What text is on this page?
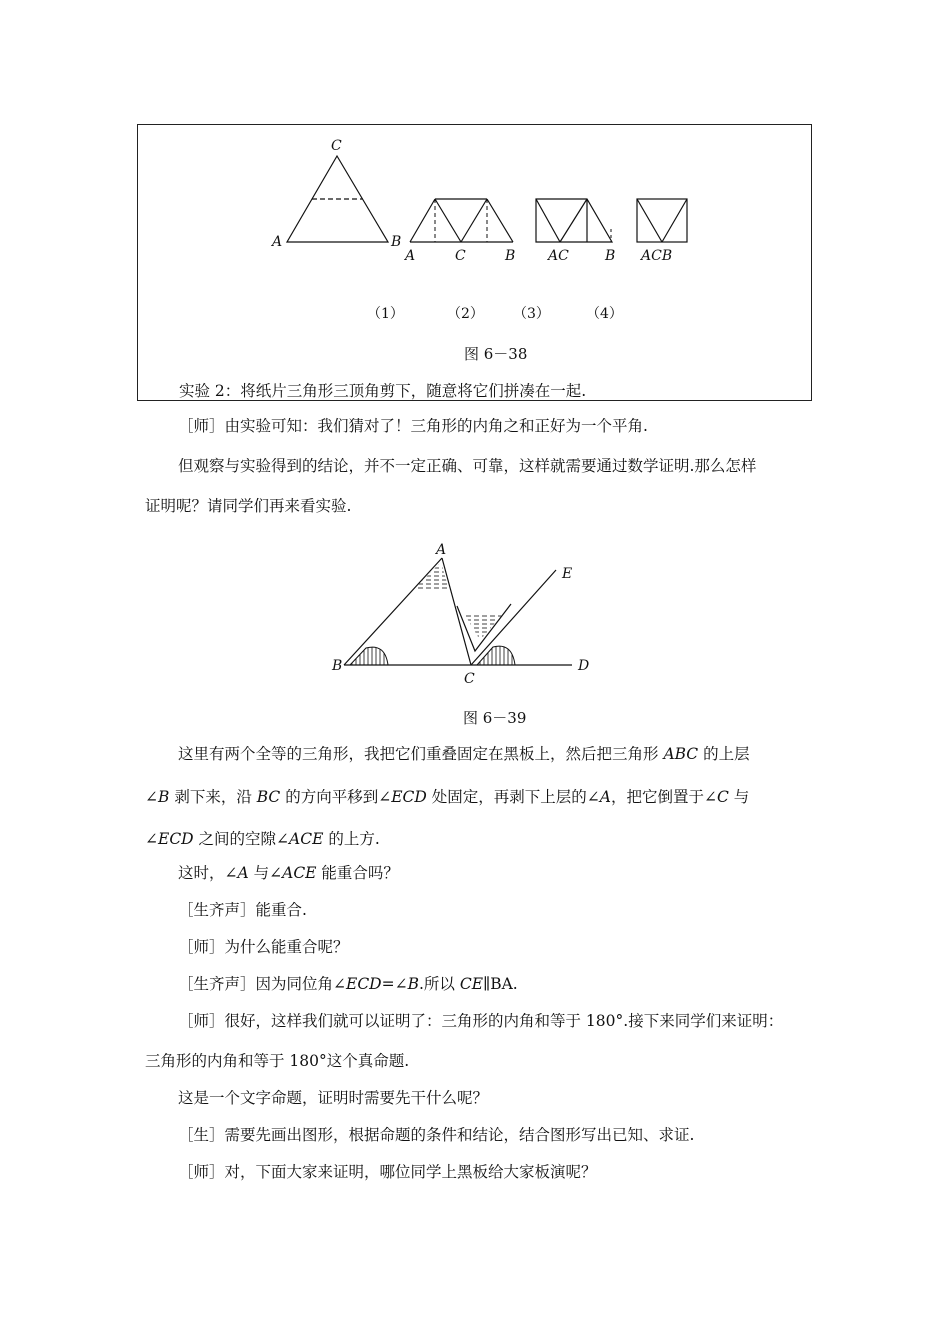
C
A	B
A	C	B AC	B ACB
（1）	（2） （3）	（4）
图 6－38
实验 2：将纸片三角形三顶角剪下，随意将它们拼凑在一起.
［师］由实验可知：我们猜对了！三角形的内角之和正好为一个平角.
但观察与实验得到的结论，并不一定正确、可靠，这样就需要通过数学证明.那么怎样
证明呢？请同学们再来看实验.
A
E
B
C
D
图 6－39
这里有两个全等的三角形，我把它们重叠固定在黑板上，然后把三角形 ABC 的上层
∠B 剥下来，沿 BC 的方向平移到∠ECD 处固定，再剥下上层的∠A，把它倒置于∠C 与
∠ECD 之间的空隙∠ACE 的上方.
这时，∠A 与∠ACE 能重合吗？
［生齐声］能重合.
［师］为什么能重合呢？
［生齐声］因为同位角∠ECD=∠B.所以 CE∥BA.
［师］很好，这样我们就可以证明了：三角形的内角和等于 180°.接下来同学们来证明：
三角形的内角和等于 180°这个真命题.
这是一个文字命题，证明时需要先干什么呢？
［生］需要先画出图形，根据命题的条件和结论，结合图形写出已知、求证.
［师］对，下面大家来证明，哪位同学上黑板给大家板演呢？
